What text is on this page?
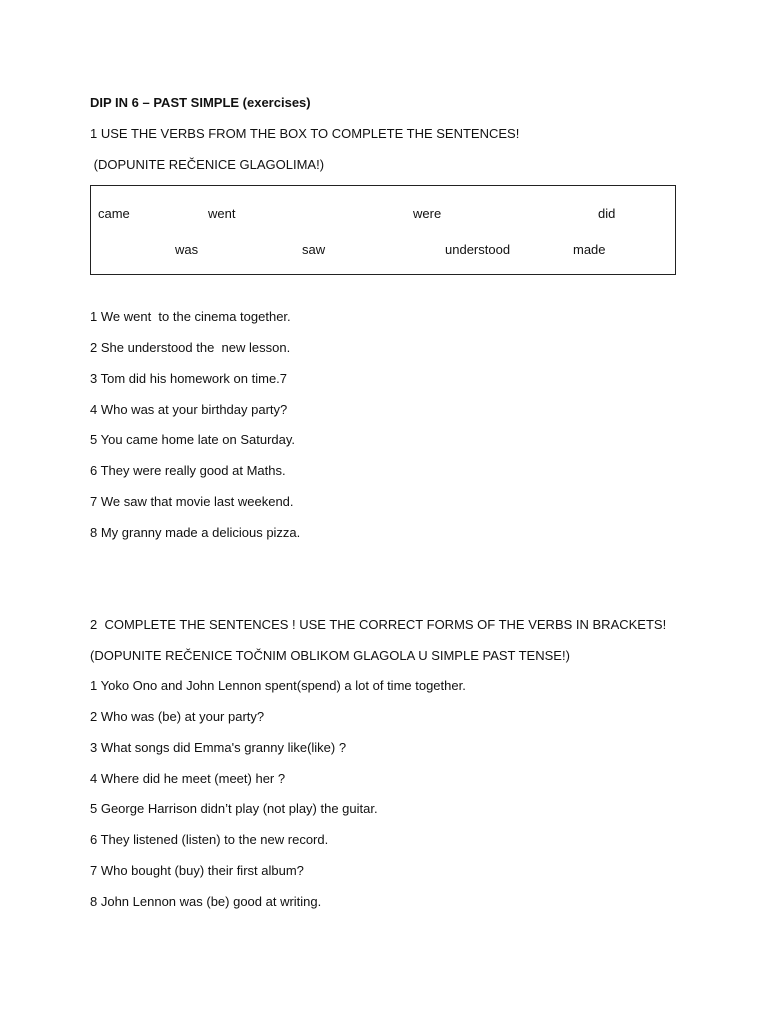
DIP IN 6 – PAST SIMPLE (exercises)
1 USE THE VERBS FROM THE BOX TO COMPLETE THE SENTENCES!
(DOPUNITE REČENICE GLAGOLIMA!)
came	went	were	did
was	saw	understood	made
1 We went  to the cinema together.
2 She understood the  new lesson.
3 Tom did his homework on time.7
4 Who was at your birthday party?
5 You came home late on Saturday.
6 They were really good at Maths.
7 We saw that movie last weekend.
8 My granny made a delicious pizza.
2  COMPLETE THE SENTENCES ! USE THE CORRECT FORMS OF THE VERBS IN BRACKETS!
(DOPUNITE REČENICE TOČNIM OBLIKOM GLAGOLA U SIMPLE PAST TENSE!)
1 Yoko Ono and John Lennon spent(spend) a lot of time together.
2 Who was (be) at your party?
3 What songs did Emma's granny like(like) ?
4 Where did he meet (meet) her ?
5 George Harrison didn’t play (not play) the guitar.
6 They listened (listen) to the new record.
7 Who bought (buy) their first album?
8 John Lennon was (be) good at writing.
